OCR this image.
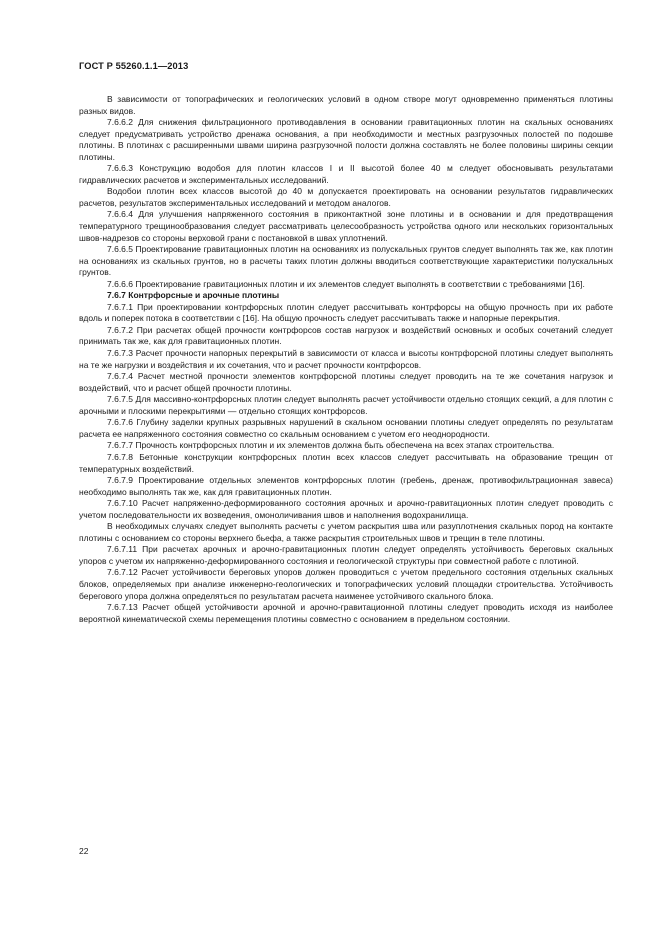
ГОСТ Р 55260.1.1—2013

В зависимости от топографических и геологических условий в одном створе могут одновременно применяться плотины разных видов.

7.6.6.2 Для снижения фильтрационного противодавления в основании гравитационных плотин на скальных основаниях следует предусматривать устройство дренажа основания, а при необходимости и местных разгрузочных полостей по подошве плотины. В плотинах с расширенными швами ширина разгрузочной полости должна составлять не более половины ширины секции плотины.

7.6.6.3 Конструкцию водобоя для плотин классов I и II высотой более 40 м следует обосновывать результатами гидравлических расчетов и экспериментальных исследований.

Водобои плотин всех классов высотой до 40 м допускается проектировать на основании результатов гидравлических расчетов, результатов экспериментальных исследований и методом аналогов.

7.6.6.4 Для улучшения напряженного состояния в приконтактной зоне плотины и в основании и для предотвращения температурного трещинообразования следует рассматривать целесообразность устройства одного или нескольких горизонтальных швов-надрезов со стороны верховой грани с постановкой в швах уплотнений.

7.6.6.5 Проектирование гравитационных плотин на основаниях из полускальных грунтов следует выполнять так же, как плотин на основаниях из скальных грунтов, но в расчеты таких плотин должны вводиться соответствующие характеристики полускальных грунтов.

7.6.6.6 Проектирование гравитационных плотин и их элементов следует выполнять в соответствии с требованиями [16].

7.6.7 Контрфорсные и арочные плотины

7.6.7.1 При проектировании контрфорсных плотин следует рассчитывать контрфорсы на общую прочность при их работе вдоль и поперек потока в соответствии с [16]. На общую прочность следует рассчитывать также и напорные перекрытия.

7.6.7.2 При расчетах общей прочности контрфорсов состав нагрузок и воздействий основных и особых сочетаний следует принимать так же, как для гравитационных плотин.

7.6.7.3 Расчет прочности напорных перекрытий в зависимости от класса и высоты контрфорсной плотины следует выполнять на те же нагрузки и воздействия и их сочетания, что и расчет прочности контрфорсов.

7.6.7.4 Расчет местной прочности элементов контрфорсной плотины следует проводить на те же сочетания нагрузок и воздействий, что и расчет общей прочности плотины.

7.6.7.5 Для массивно-контрфорсных плотин следует выполнять расчет устойчивости отдельно стоящих секций, а для плотин с арочными и плоскими перекрытиями — отдельно стоящих контрфорсов.

7.6.7.6 Глубину заделки крупных разрывных нарушений в скальном основании плотины следует определять по результатам расчета ее напряженного состояния совместно со скальным основанием с учетом его неоднородности.

7.6.7.7 Прочность контрфорсных плотин и их элементов должна быть обеспечена на всех этапах строительства.

7.6.7.8 Бетонные конструкции контрфорсных плотин всех классов следует рассчитывать на образование трещин от температурных воздействий.

7.6.7.9 Проектирование отдельных элементов контрфорсных плотин (гребень, дренаж, противофильтрационная завеса) необходимо выполнять так же, как для гравитационных плотин.

7.6.7.10 Расчет напряженно-деформированного состояния арочных и арочно-гравитационных плотин следует проводить с учетом последовательности их возведения, омоноличивания швов и наполнения водохранилища.

В необходимых случаях следует выполнять расчеты с учетом раскрытия шва или разуплотнения скальных пород на контакте плотины с основанием со стороны верхнего бьефа, а также раскрытия строительных швов и трещин в теле плотины.

7.6.7.11 При расчетах арочных и арочно-гравитационных плотин следует определять устойчивость береговых скальных упоров с учетом их напряженно-деформированного состояния и геологической структуры при совместной работе с плотиной.

7.6.7.12 Расчет устойчивости береговых упоров должен проводиться с учетом предельного состояния отдельных скальных блоков, определяемых при анализе инженерно-геологических и топографических условий площадки строительства. Устойчивость берегового упора должна определяться по результатам расчета наименее устойчивого скального блока.

7.6.7.13 Расчет общей устойчивости арочной и арочно-гравитационной плотины следует проводить исходя из наиболее вероятной кинематической схемы перемещения плотины совместно с основанием в предельном состоянии.

22
